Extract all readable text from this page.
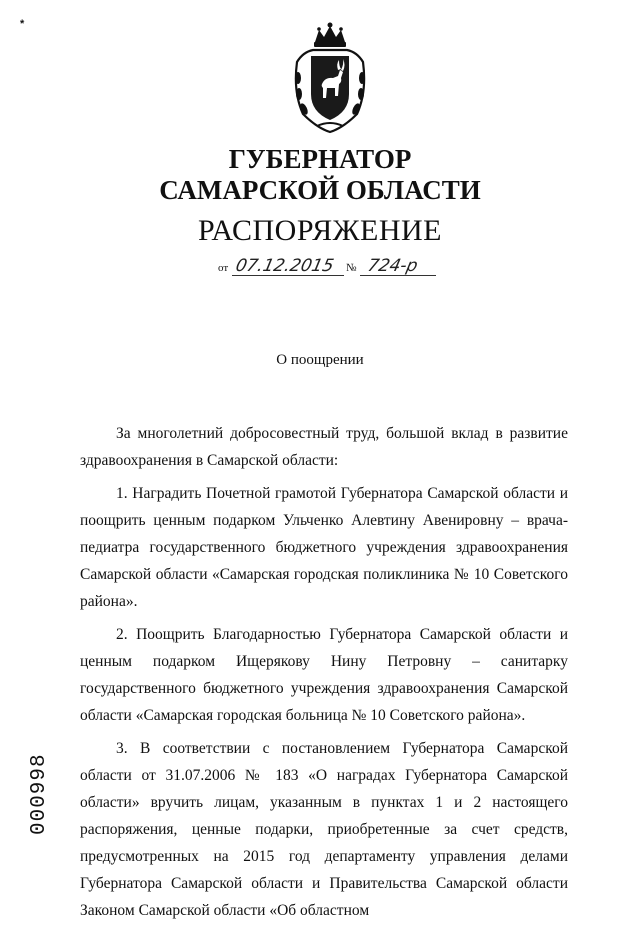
*
000998
ГУБЕРНАТОР
САМАРСКОЙ ОБЛАСТИ
РАСПОРЯЖЕНИЕ
от 07.12.2015 № 724-р
О поощрении

За многолетний добросовестный труд, большой вклад в развитие здравоохранения в Самарской области:

1. Наградить Почетной грамотой Губернатора Самарской области и поощрить ценным подарком Ульченко Алевтину Авенировну – врача-педиатра государственного бюджетного учреждения здравоохранения Самарской области «Самарская городская поликлиника № 10 Советского района».

2. Поощрить Благодарностью Губернатора Самарской области и ценным подарком Ищерякову Нину Петровну – санитарку государственного бюджетного учреждения здравоохранения Самарской области «Самарская городская больница № 10 Советского района».

3. В соответствии с постановлением Губернатора Самарской области от 31.07.2006 № 183 «О наградах Губернатора Самарской области» вручить лицам, указанным в пунктах 1 и 2 настоящего распоряжения, ценные подарки, приобретенные за счет средств, предусмотренных на 2015 год департаменту управления делами Губернатора Самарской области и Правительства Самарской области Законом Самарской области «Об областном
